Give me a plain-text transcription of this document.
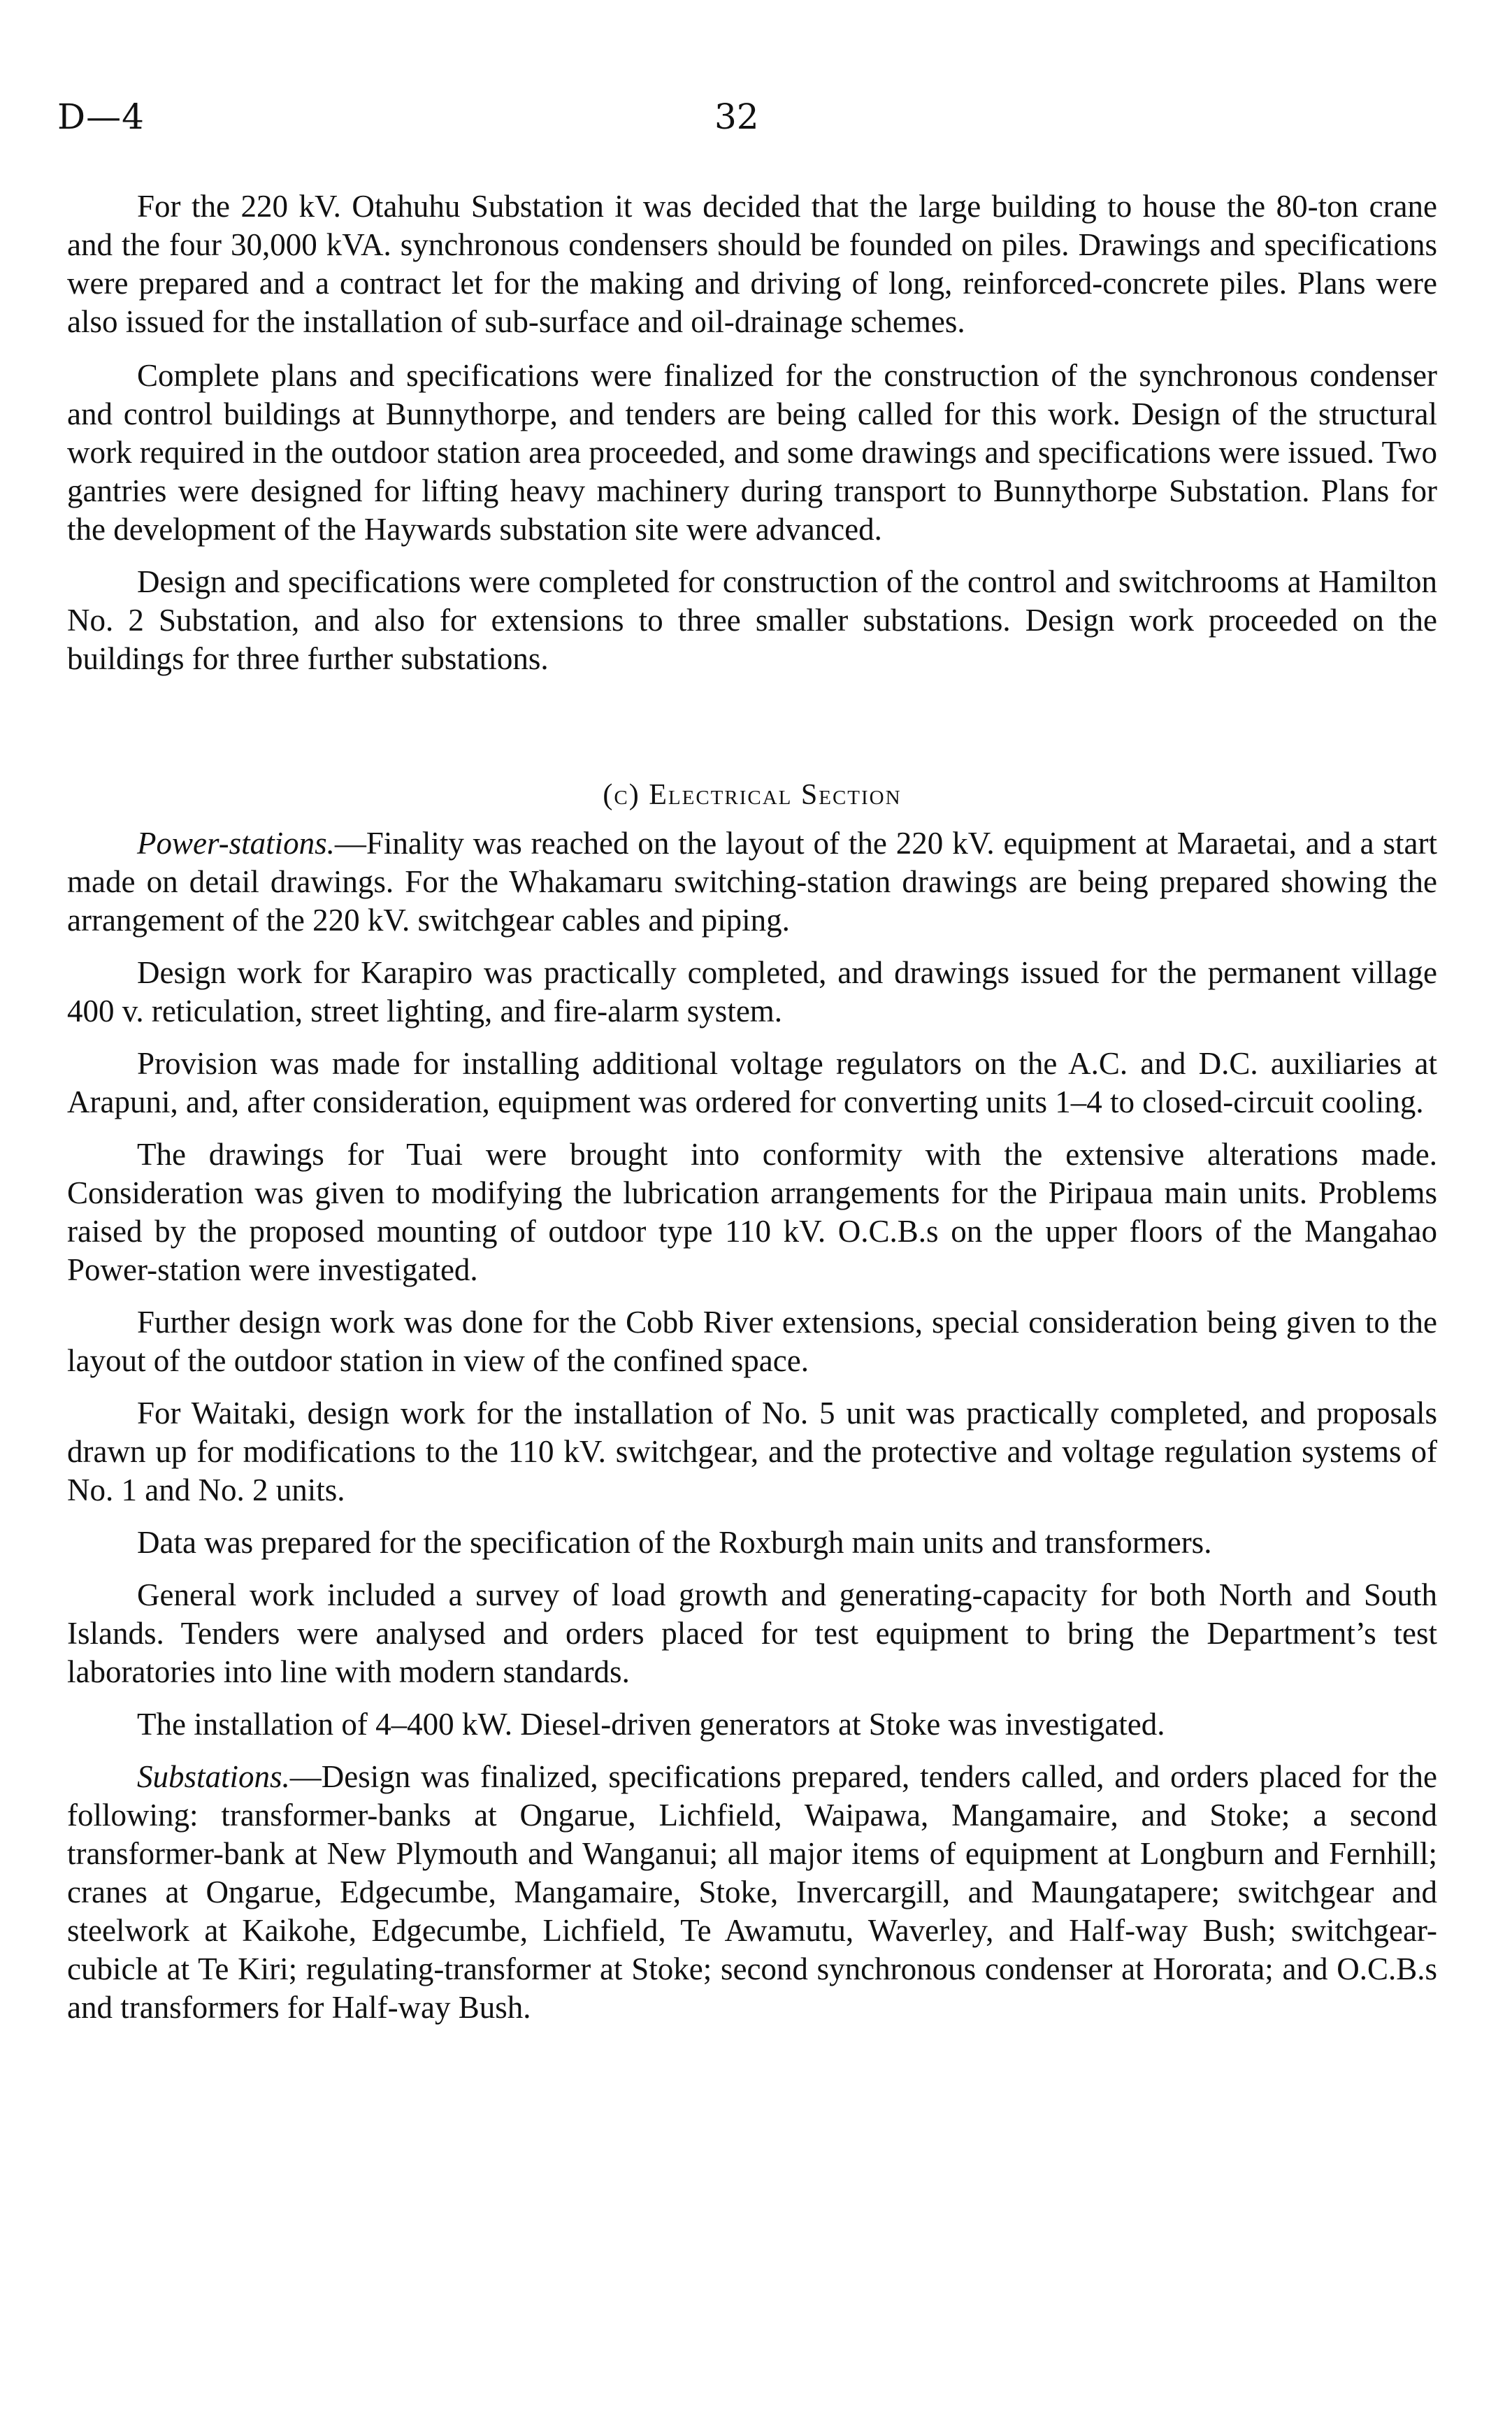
D—4	32

For the 220 kV. Otahuhu Substation it was decided that the large building to house the 80-ton crane and the four 30,000 kVA. synchronous condensers should be founded on piles. Drawings and specifications were prepared and a contract let for the making and driving of long, reinforced-concrete piles. Plans were also issued for the installation of sub-surface and oil-drainage schemes.

Complete plans and specifications were finalized for the construction of the synchronous condenser and control buildings at Bunnythorpe, and tenders are being called for this work. Design of the structural work required in the outdoor station area proceeded, and some drawings and specifications were issued. Two gantries were designed for lifting heavy machinery during transport to Bunnythorpe Substation. Plans for the development of the Haywards substation site were advanced.

Design and specifications were completed for construction of the control and switchrooms at Hamilton No. 2 Substation, and also for extensions to three smaller substations. Design work proceeded on the buildings for three further substations.

(c) Electrical Section

Power-stations.—Finality was reached on the layout of the 220 kV. equipment at Maraetai, and a start made on detail drawings. For the Whakamaru switching-station drawings are being prepared showing the arrangement of the 220 kV. switchgear cables and piping.

Design work for Karapiro was practically completed, and drawings issued for the permanent village 400 v. reticulation, street lighting, and fire-alarm system.

Provision was made for installing additional voltage regulators on the A.C. and D.C. auxiliaries at Arapuni, and, after consideration, equipment was ordered for converting units 1–4 to closed-circuit cooling.

The drawings for Tuai were brought into conformity with the extensive alterations made. Consideration was given to modifying the lubrication arrangements for the Piripaua main units. Problems raised by the proposed mounting of outdoor type 110 kV. O.C.B.s on the upper floors of the Mangahao Power-station were investigated.

Further design work was done for the Cobb River extensions, special consideration being given to the layout of the outdoor station in view of the confined space.

For Waitaki, design work for the installation of No. 5 unit was practically completed, and proposals drawn up for modifications to the 110 kV. switchgear, and the protective and voltage regulation systems of No. 1 and No. 2 units.

Data was prepared for the specification of the Roxburgh main units and transformers.

General work included a survey of load growth and generating-capacity for both North and South Islands. Tenders were analysed and orders placed for test equipment to bring the Department’s test laboratories into line with modern standards.

The installation of 4–400 kW. Diesel-driven generators at Stoke was investigated.

Substations.—Design was finalized, specifications prepared, tenders called, and orders placed for the following: transformer-banks at Ongarue, Lichfield, Waipawa, Mangamaire, and Stoke; a second transformer-bank at New Plymouth and Wanganui; all major items of equipment at Longburn and Fernhill; cranes at Ongarue, Edgecumbe, Mangamaire, Stoke, Invercargill, and Maungatapere; switchgear and steelwork at Kaikohe, Edgecumbe, Lichfield, Te Awamutu, Waverley, and Half-way Bush; switchgear-cubicle at Te Kiri; regulating-transformer at Stoke; second synchronous condenser at Hororata; and O.C.B.s and transformers for Half-way Bush.
